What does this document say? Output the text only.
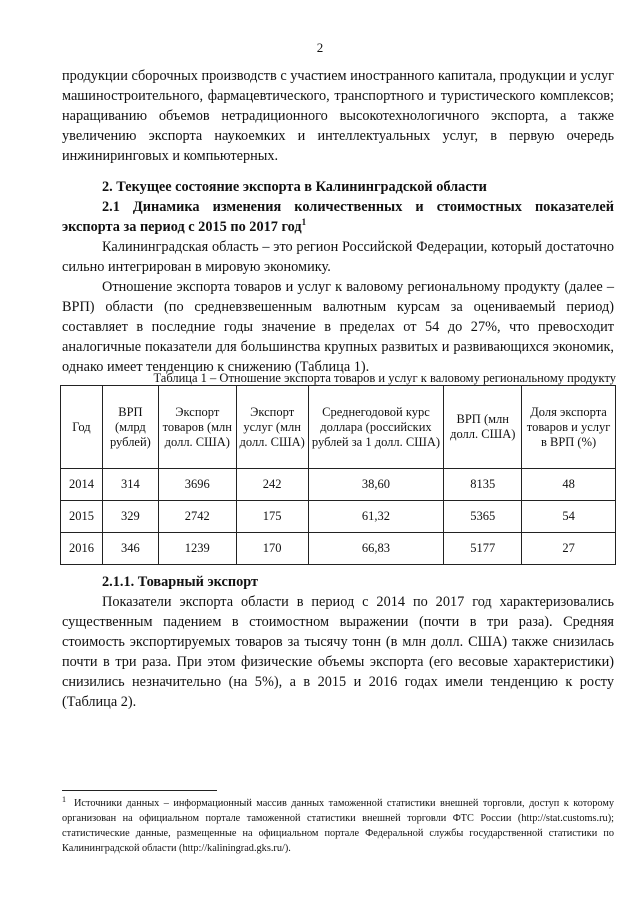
2

продукции сборочных производств с участием иностранного капитала, продукции и услуг машиностроительного, фармацевтического, транспортного и туристического комплексов; наращиванию объемов нетрадиционного высокотехнологичного экспорта, а также увеличению экспорта наукоемких и интеллектуальных услуг, в первую очередь инжиниринговых и компьютерных.

2. Текущее состояние экспорта в Калининградской области

2.1 Динамика изменения количественных и стоимостных показателей экспорта за период с 2015 по 2017 год$^1$

Калининградская область – это регион Российской Федерации, который достаточно сильно интегрирован в мировую экономику.

Отношение экспорта товаров и услуг к валовому региональному продукту (далее – ВРП) области (по средневзвешенным валютным курсам за оцениваемый период) составляет в последние годы значение в пределах от 54 до 27%, что превосходит аналогичные показатели для большинства крупных развитых и развивающихся экономик, однако имеет тенденцию к снижению (Таблица 1).

Таблица 1 – Отношение экспорта товаров и услуг к валовому региональному продукту
Год	ВРП (млрд рублей)	Экспорт товаров (млн долл. США)	Экспорт услуг (млн долл. США)	Среднегодовой курс доллара (российских рублей за 1 долл. США)	ВРП (млн долл. США)	Доля экспорта товаров и услуг в ВРП (%)
2014	314	3696	242	38,60	8135	48
2015	329	2742	175	61,32	5365	54
2016	346	1239	170	66,83	5177	27

2.1.1. Товарный экспорт

Показатели экспорта области в период с 2014 по 2017 год характеризовались существенным падением в стоимостном выражении (почти в три раза). Средняя стоимость экспортируемых товаров за тысячу тонн (в млн долл. США) также снизилась почти в три раза. При этом физические объемы экспорта (его весовые характеристики) снизились незначительно (на 5%), а в 2015 и 2016 годах имели тенденцию к росту (Таблица 2).

$^1$ Источники данных – информационный массив данных таможенной статистики внешней торговли, доступ к которому организован на официальном портале таможенной статистики внешней торговли ФТС России (http://stat.customs.ru); статистические данные, размещенные на официальном портале Федеральной службы государственной статистики по Калининградской области (http://kaliningrad.gks.ru/).
